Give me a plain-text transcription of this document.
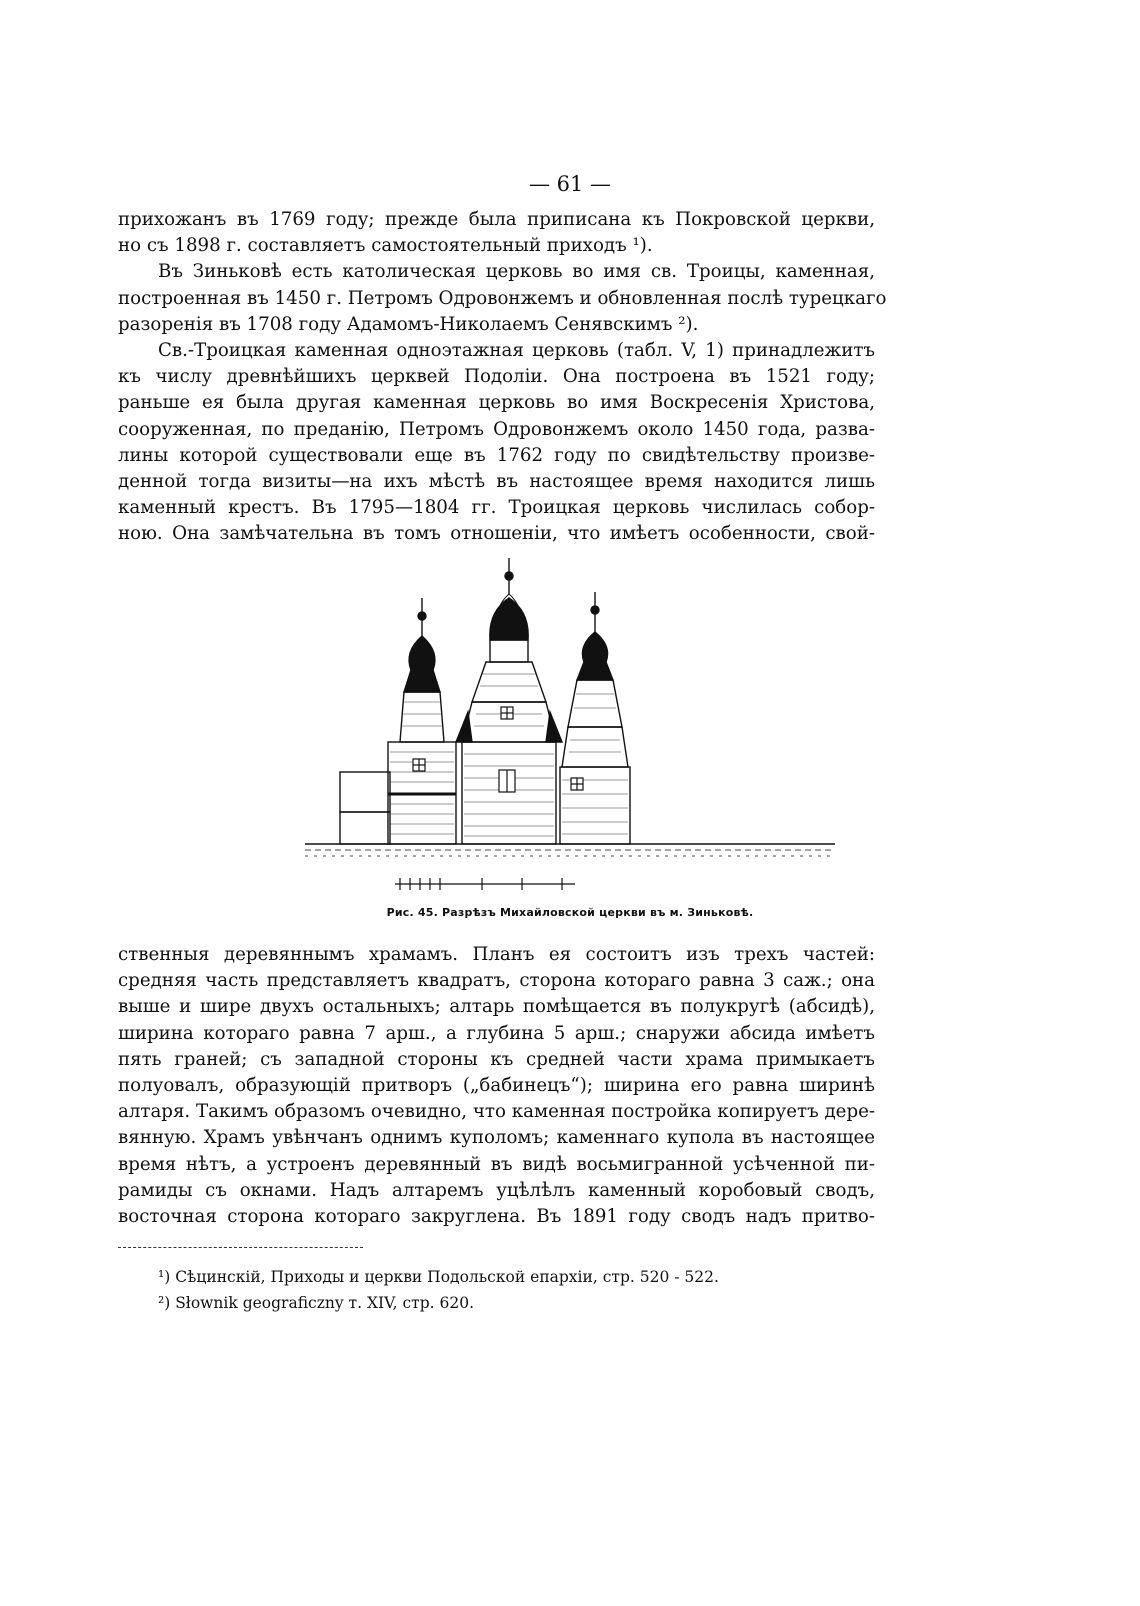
— 61 —
прихожанъ въ 1769 году; прежде была приписана къ Покровской церкви,
но съ 1898 г. составляетъ самостоятельный приходъ ¹).
Въ Зиньковѣ есть католическая церковь во имя св. Троицы, каменная,
построенная въ 1450 г. Петромъ Одровонжемъ и обновленная послѣ турецкаго
разоренія въ 1708 году Адамомъ-Николаемъ Сенявскимъ ²).
Св.-Троицкая каменная одноэтажная церковь (табл. V, 1) принадлежитъ
къ числу древнѣйшихъ церквей Подоліи. Она построена въ 1521 году;
раньше ея была другая каменная церковь во имя Воскресенія Христова,
сооруженная, по преданію, Петромъ Одровонжемъ около 1450 года, разва-
лины которой существовали еще въ 1762 году по свидѣтельству произве-
денной тогда визиты—на ихъ мѣстѣ въ настоящее время находится лишь
каменный крестъ. Въ 1795—1804 гг. Троицкая церковь числилась собор-
ною. Она замѣчательна въ томъ отношеніи, что имѣетъ особенности, свой-
Рис. 45. Разрѣзъ Михайловской церкви въ м. Зиньковѣ.
ственныя деревяннымъ храмамъ. Планъ ея состоитъ изъ трехъ частей:
средняя часть представляетъ квадратъ, сторона котораго равна 3 саж.; она
выше и шире двухъ остальныхъ; алтарь помѣщается въ полукругѣ (абсидѣ),
ширина котораго равна 7 арш., а глубина 5 арш.; снаружи абсида имѣетъ
пять граней; съ западной стороны къ средней части храма примыкаетъ
полуовалъ, образующій притворъ („бабинецъ“); ширина его равна ширинѣ
алтаря. Такимъ образомъ очевидно, что каменная постройка копируетъ дере-
вянную. Храмъ увѣнчанъ однимъ куполомъ; каменнаго купола въ настоящее
время нѣтъ, а устроенъ деревянный въ видѣ восьмигранной усѣченной пи-
рамиды съ окнами. Надъ алтаремъ уцѣлѣлъ каменный коробовый сводъ,
восточная сторона котораго закруглена. Въ 1891 году сводъ надъ притво-
¹) Сѣцинскій, Приходы и церкви Подольской епархіи, стр. 520 - 522.
²) Słownik geograficzny т. XIV, стр. 620.
